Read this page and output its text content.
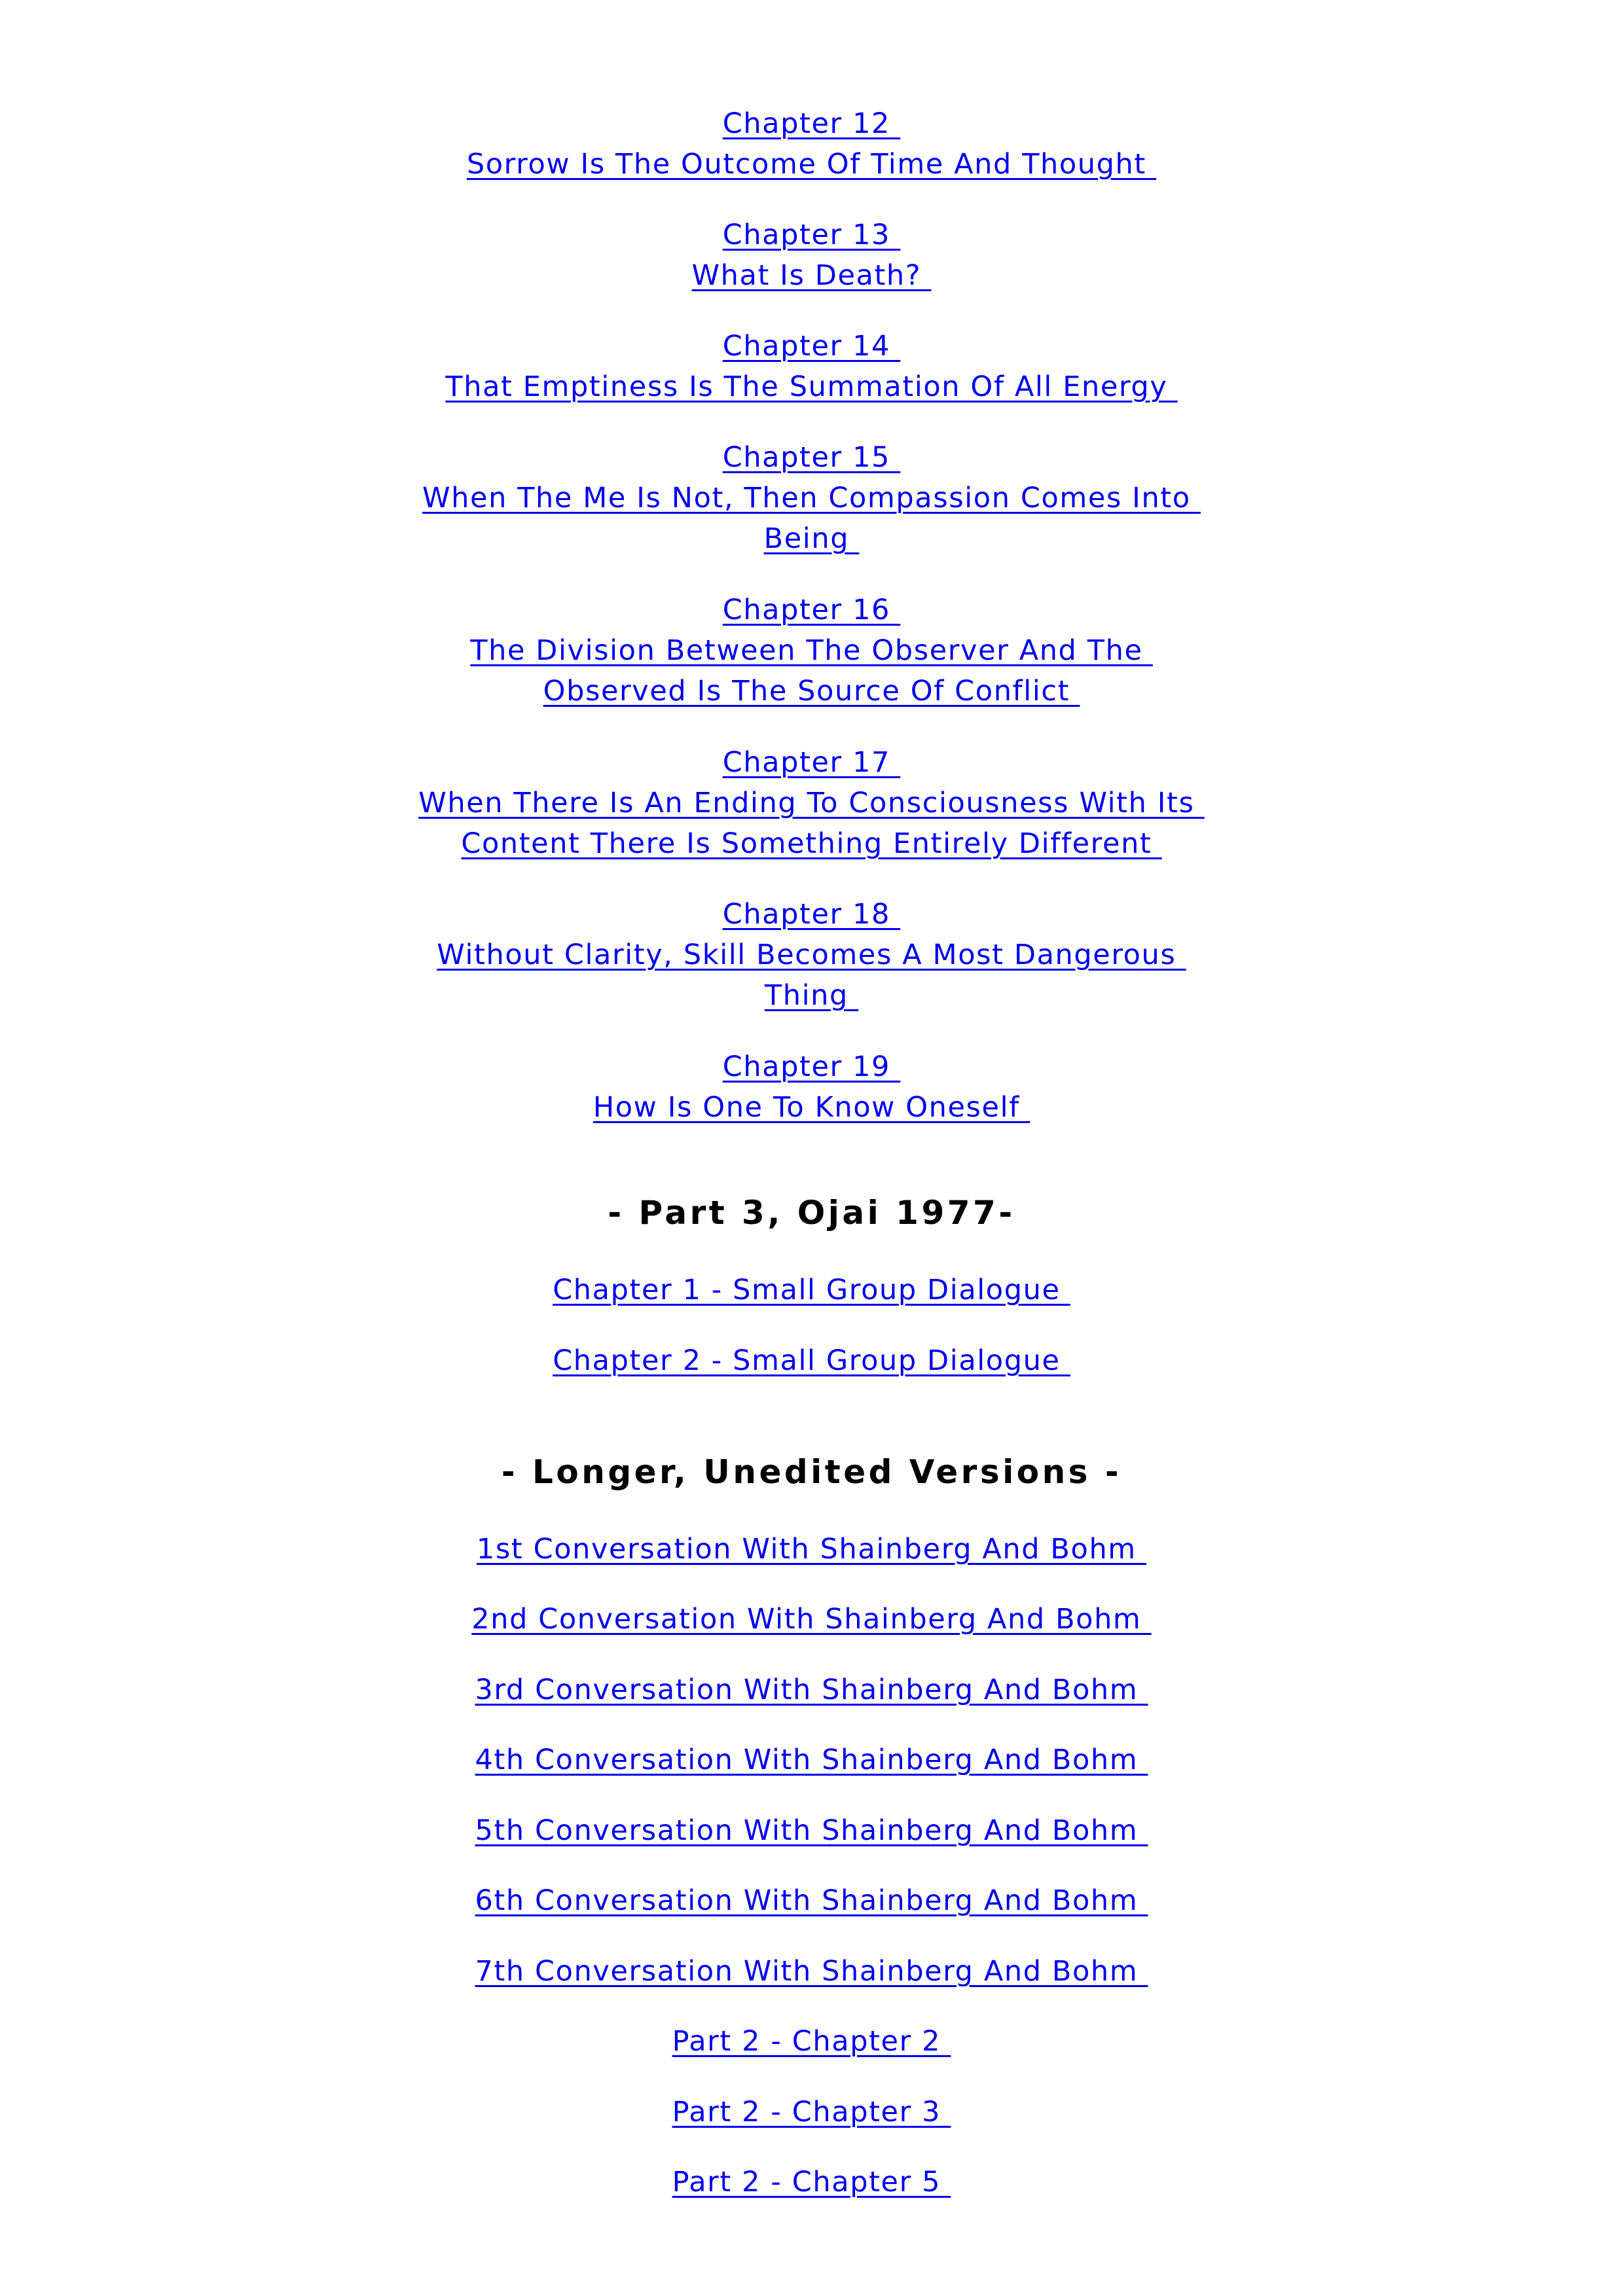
Chapter 12
Sorrow Is The Outcome Of Time And Thought
Chapter 13
What Is Death?
Chapter 14
That Emptiness Is The Summation Of All Energy
Chapter 15
When The Me Is Not, Then Compassion Comes Into
Being
Chapter 16
The Division Between The Observer And The
Observed Is The Source Of Conflict
Chapter 17
When There Is An Ending To Consciousness With Its
Content There Is Something Entirely Different
Chapter 18
Without Clarity, Skill Becomes A Most Dangerous
Thing
Chapter 19
How Is One To Know Oneself
- Part 3, Ojai 1977-
Chapter 1 - Small Group Dialogue
Chapter 2 - Small Group Dialogue
- Longer, Unedited Versions -
1st Conversation With Shainberg And Bohm
2nd Conversation With Shainberg And Bohm
3rd Conversation With Shainberg And Bohm
4th Conversation With Shainberg And Bohm
5th Conversation With Shainberg And Bohm
6th Conversation With Shainberg And Bohm
7th Conversation With Shainberg And Bohm
Part 2 - Chapter 2
Part 2 - Chapter 3
Part 2 - Chapter 5
